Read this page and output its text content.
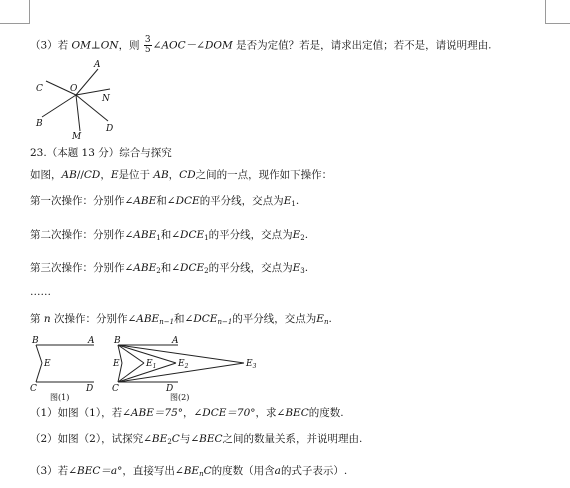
（3）若 OM⊥ON，则 $\frac{3}{5}$ ∠AOC－∠DOM 是否为定值？若是，请求出定值；若不是，请说明理由.
A
C	O
N
B	D
M
23.（本题 13 分）综合与探究
如图，AB//CD，E是位于 AB，CD之间的一点，现作如下操作：
第一次操作：分别作∠ABE和∠DCE的平分线，交点为$E_1$.
第二次操作：分别作$\angle ABE_1$和$\angle DCE_1$的平分线，交点为$E_2$.
第三次操作：分别作$\angle ABE_2$和$\angle DCE_2$的平分线，交点为$E_3$.
……
第 n 次操作：分别作$\angle ABE_{n-1}$和$\angle DCE_{n-1}$的平分线，交点为$E_n$.
B	A
E
C	D
图(1)
B	A
E	$E_1$ $E_2$	$E_3$
C	D
图(2)
（1）如图（1），若∠ABE＝75°，∠DCE＝70°，求∠BEC的度数.
（2）如图（2），试探究$\angle BE_2C$与∠BEC之间的数量关系，并说明理由.
（3）若∠BEC＝a°，直接写出$\angle BE_nC$的度数（用含a的式子表示）.
